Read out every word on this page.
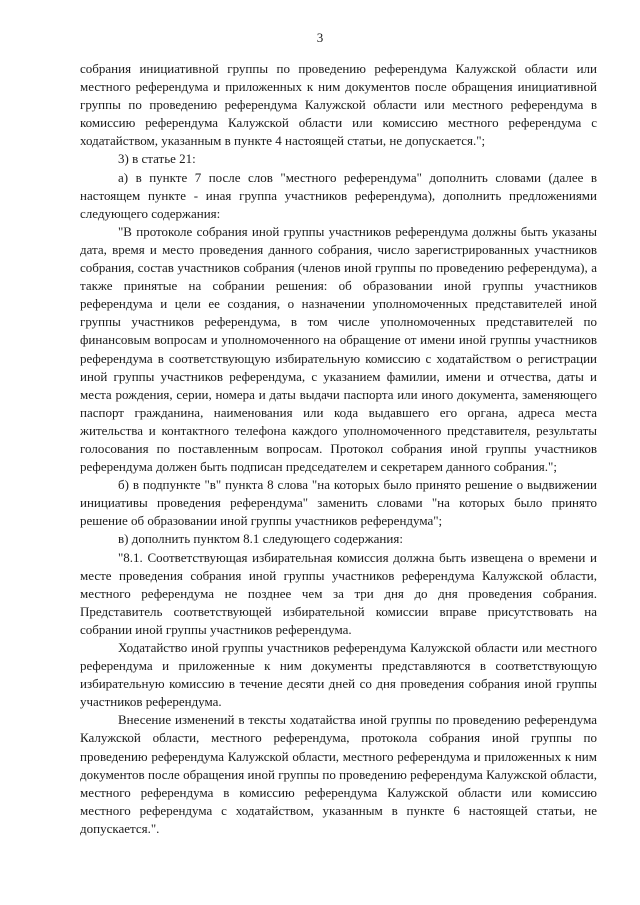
3

собрания инициативной группы по проведению референдума Калужской области или местного референдума и приложенных к ним документов после обращения инициативной группы по проведению референдума Калужской области или местного референдума в комиссию референдума Калужской области или комиссию местного референдума с ходатайством, указанным в пункте 4 настоящей статьи, не допускается.";

3) в статье 21:

а) в пункте 7 после слов "местного референдума" дополнить словами (далее в настоящем пункте - иная группа участников референдума), дополнить предложениями следующего содержания:

"В протоколе собрания иной группы участников референдума должны быть указаны дата, время и место проведения данного собрания, число зарегистрированных участников собрания, состав участников собрания (членов иной группы по проведению референдума), а также принятые на собрании решения: об образовании иной группы участников референдума и цели ее создания, о назначении уполномоченных представителей иной группы участников референдума, в том числе уполномоченных представителей по финансовым вопросам и уполномоченного на обращение от имени иной группы участников референдума в соответствующую избирательную комиссию с ходатайством о регистрации иной группы участников референдума, с указанием фамилии, имени и отчества, даты и места рождения, серии, номера и даты выдачи паспорта или иного документа, заменяющего паспорт гражданина, наименования или кода выдавшего его органа, адреса места жительства и контактного телефона каждого уполномоченного представителя, результаты голосования по поставленным вопросам. Протокол собрания иной группы участников референдума должен быть подписан председателем и секретарем данного собрания.";

б) в подпункте "в" пункта 8 слова "на которых было принято решение о выдвижении инициативы проведения референдума" заменить словами "на которых было принято решение об образовании иной группы участников референдума";

в) дополнить пунктом 8.1 следующего содержания:

"8.1. Соответствующая избирательная комиссия должна быть извещена о времени и месте проведения собрания иной группы участников референдума Калужской области, местного референдума не позднее чем за три дня до дня проведения собрания. Представитель соответствующей избирательной комиссии вправе присутствовать на собрании иной группы участников референдума.

Ходатайство иной группы участников референдума Калужской области или местного референдума и приложенные к ним документы представляются в соответствующую избирательную комиссию в течение десяти дней со дня проведения собрания иной группы участников референдума.

Внесение изменений в тексты ходатайства иной группы по проведению референдума Калужской области, местного референдума, протокола собрания иной группы по проведению референдума Калужской области, местного референдума и приложенных к ним документов после обращения иной группы по проведению референдума Калужской области, местного референдума в комиссию референдума Калужской области или комиссию местного референдума с ходатайством, указанным в пункте 6 настоящей статьи, не допускается.".
